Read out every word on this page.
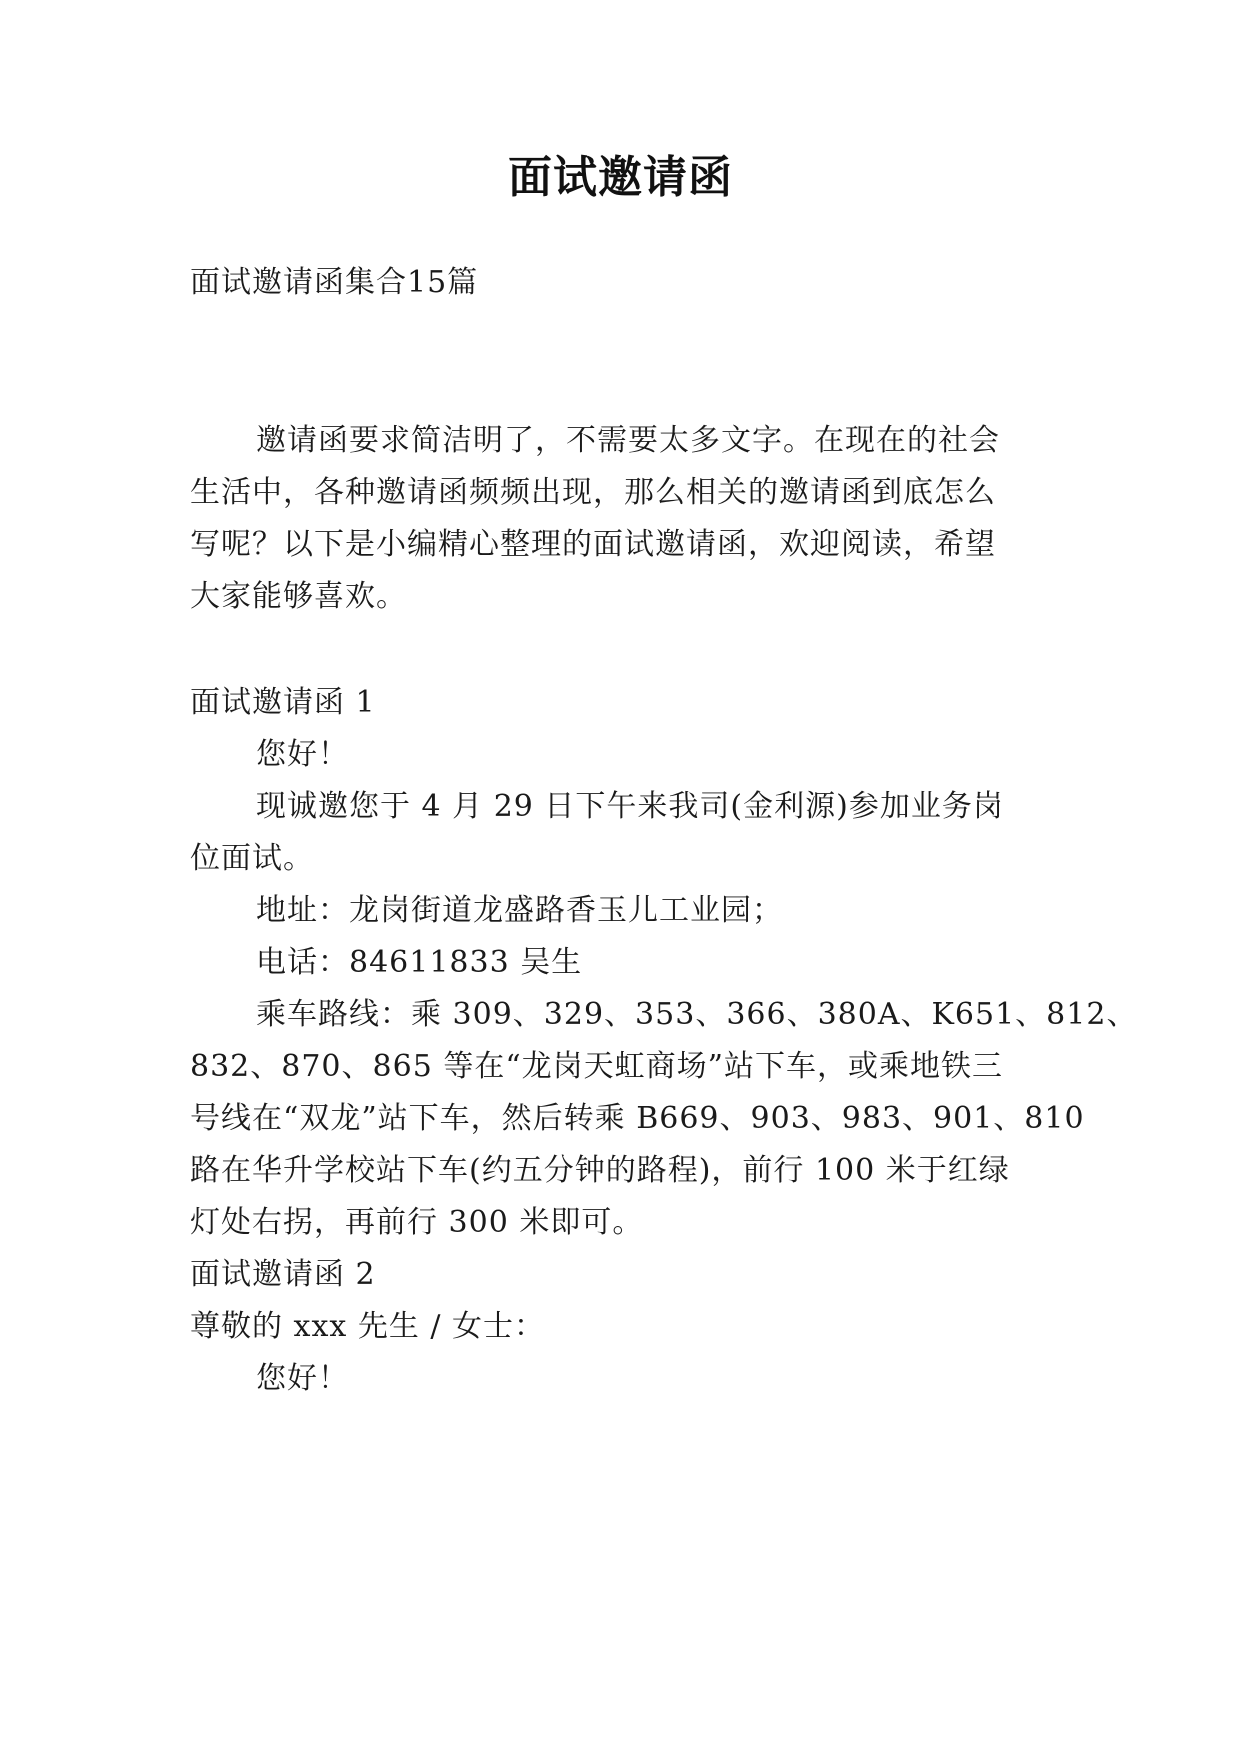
面试邀请函
面试邀请函集合15篇
邀请函要求简洁明了，不需要太多文字。在现在的社会
生活中，各种邀请函频频出现，那么相关的邀请函到底怎么
写呢？以下是小编精心整理的面试邀请函，欢迎阅读，希望
大家能够喜欢。
面试邀请函 1
您好！
现诚邀您于 4 月 29 日下午来我司(金利源)参加业务岗
位面试。
地址：龙岗街道龙盛路香玉儿工业园；
电话：84611833 吴生
乘车路线：乘 309、329、353、366、380A、K651、812、
832、870、865 等在“龙岗天虹商场”站下车，或乘地铁三
号线在“双龙”站下车，然后转乘 B669、903、983、901、810
路在华升学校站下车(约五分钟的路程)，前行 100 米于红绿
灯处右拐，再前行 300 米即可。
面试邀请函 2
尊敬的 xxx 先生 / 女士：
您好！
